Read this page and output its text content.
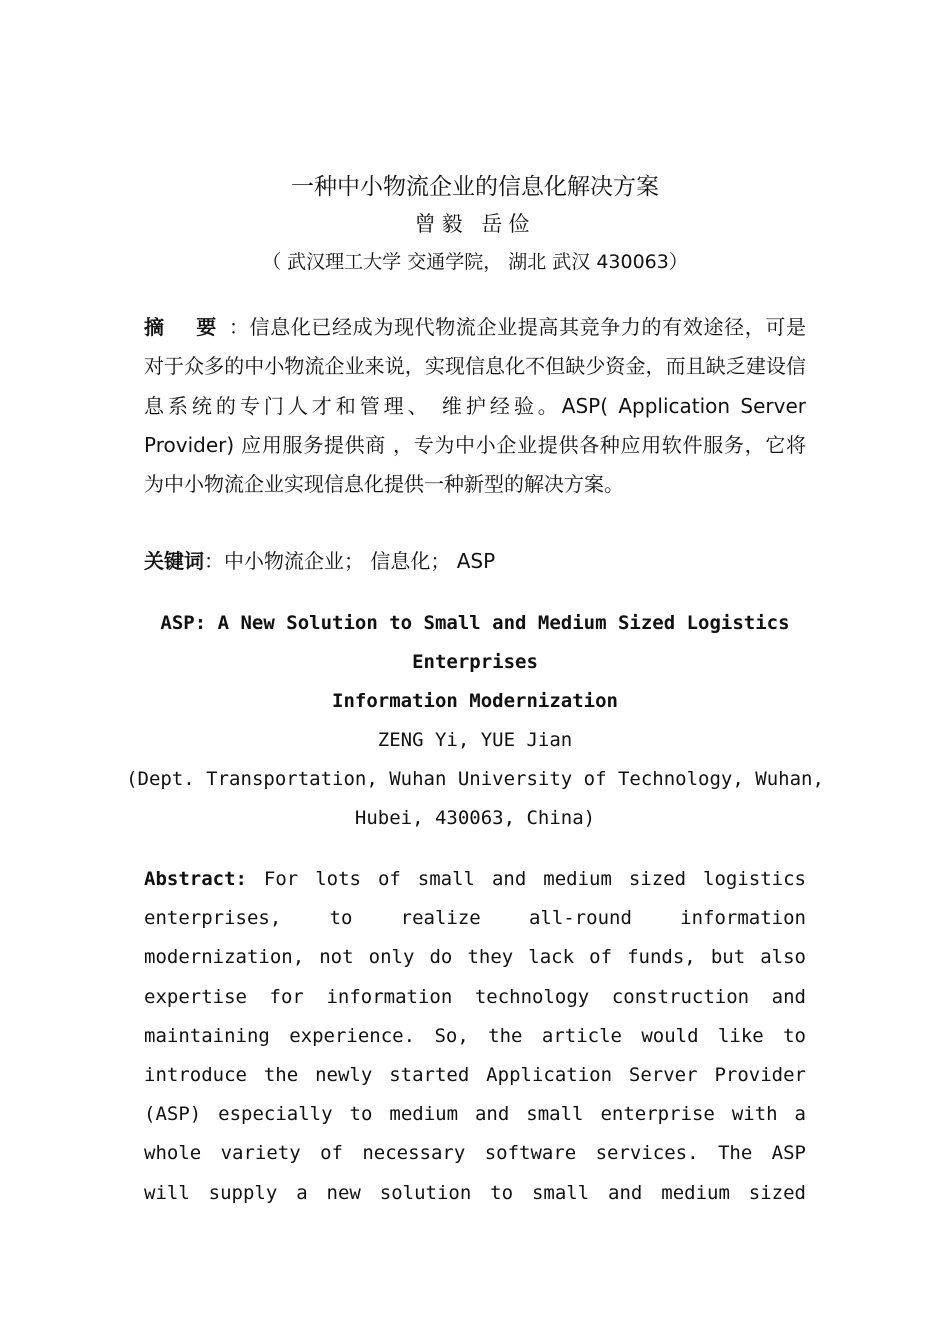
一种中小物流企业的信息化解决方案
曾毅 岳俭
（ 武汉理工大学 交通学院， 湖北 武汉 430063）
摘 要：信息化已经成为现代物流企业提高其竞争力的有效途径，可是对于众多的中小物流企业来说，实现信息化不但缺少资金，而且缺乏建设信息系统的专门人才和管理、 维护经验。ASP( Application Server Provider) 应用服务提供商 ，专为中小企业提供各种应用软件服务，它将为中小物流企业实现信息化提供一种新型的解决方案。
关键词：中小物流企业； 信息化； ASP
ASP: A New Solution to Small and Medium Sized Logistics
Enterprises
Information Modernization
ZENG Yi, YUE Jian
(Dept. Transportation, Wuhan University of Technology, Wuhan, Hubei, 430063, China)
Abstract: For lots of small and medium sized logistics enterprises, to realize all-round information modernization, not only do they lack of funds, but also expertise for information technology construction and maintaining experience. So, the article would like to introduce the newly started Application Server Provider (ASP) especially to medium and small enterprise with a whole variety of necessary software services. The ASP will supply a new solution to small and medium sized
